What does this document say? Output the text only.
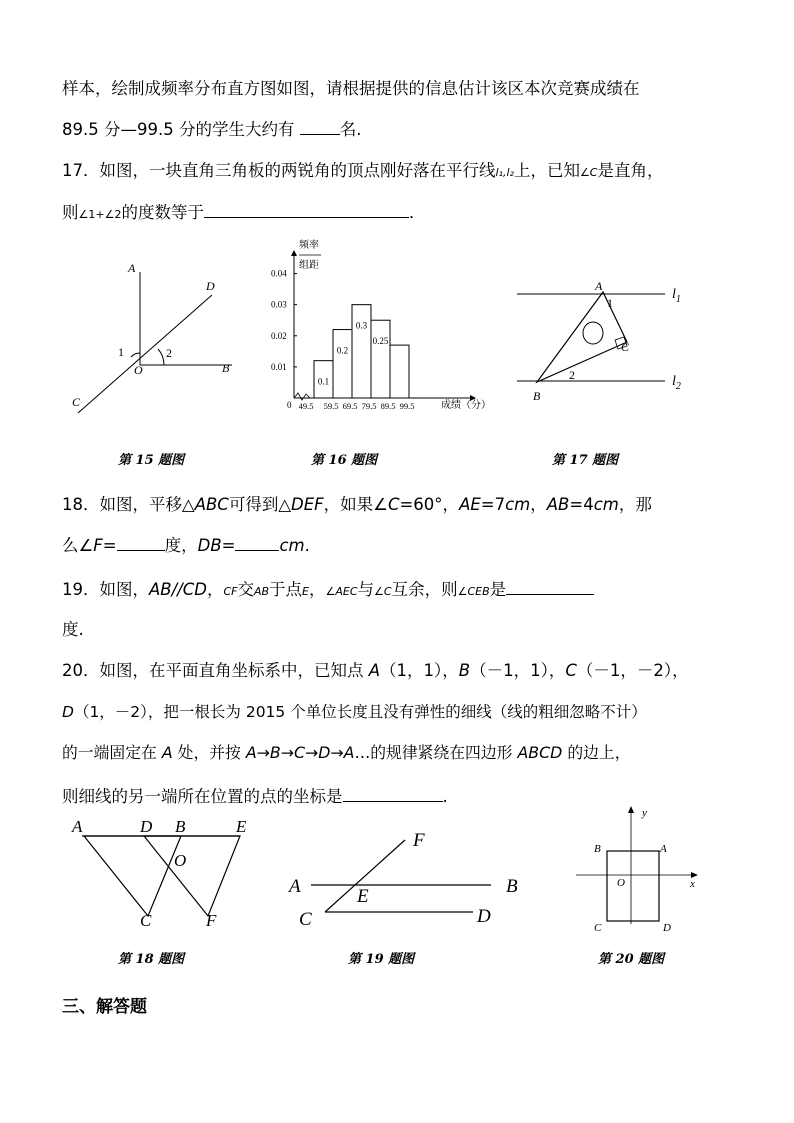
样本，绘制成频率分布直方图如图，请根据提供的信息估计该区本次竞赛成绩在
89.5 分—99.5 分的学生大约有	名.
17．如图，一块直角三角板的两锐角的顶点刚好落在平行线l₁,l₂上，已知∠C是直角，
则∠1+∠2的度数等于	．
A
D
B
C
O
1	2
0.01
0.02
0.03
0.04
0.1
0.2
0.3
0.25
49.5 59.5 69.5 79.5 89.5 99.5
频率
组距
成绩（分）
0
A
B
C
1
2
$l_1$
$l_2$
第 15 题图	第 16 题图	第 17 题图
18．如图，平移△ABC可得到△DEF，如果∠C=60°，AE=7cm，AB=4cm，那
么∠F=	度，DB=	cm.
19．如图，AB//CD，CF交AB于点E，∠AEC与∠C互余，则∠CEB是
度.
20．如图，在平面直角坐标系中，已知点 A（1，1），B（－1，1），C（－1，－2），
D（1，－2），把一根长为 2015 个单位长度且没有弹性的细线（线的粗细忽略不计）
的一端固定在 A 处，并按 A→B→C→D→A…的规律紧绕在四边形 ABCD 的边上，
则细线的另一端所在位置的点的坐标是	.
A	D B	E
O
C	F
F
A	E	B
C	D
y
x
B	A
O
C	D
第 18 题图	第 19 题图	第 20 题图
三、解答题
